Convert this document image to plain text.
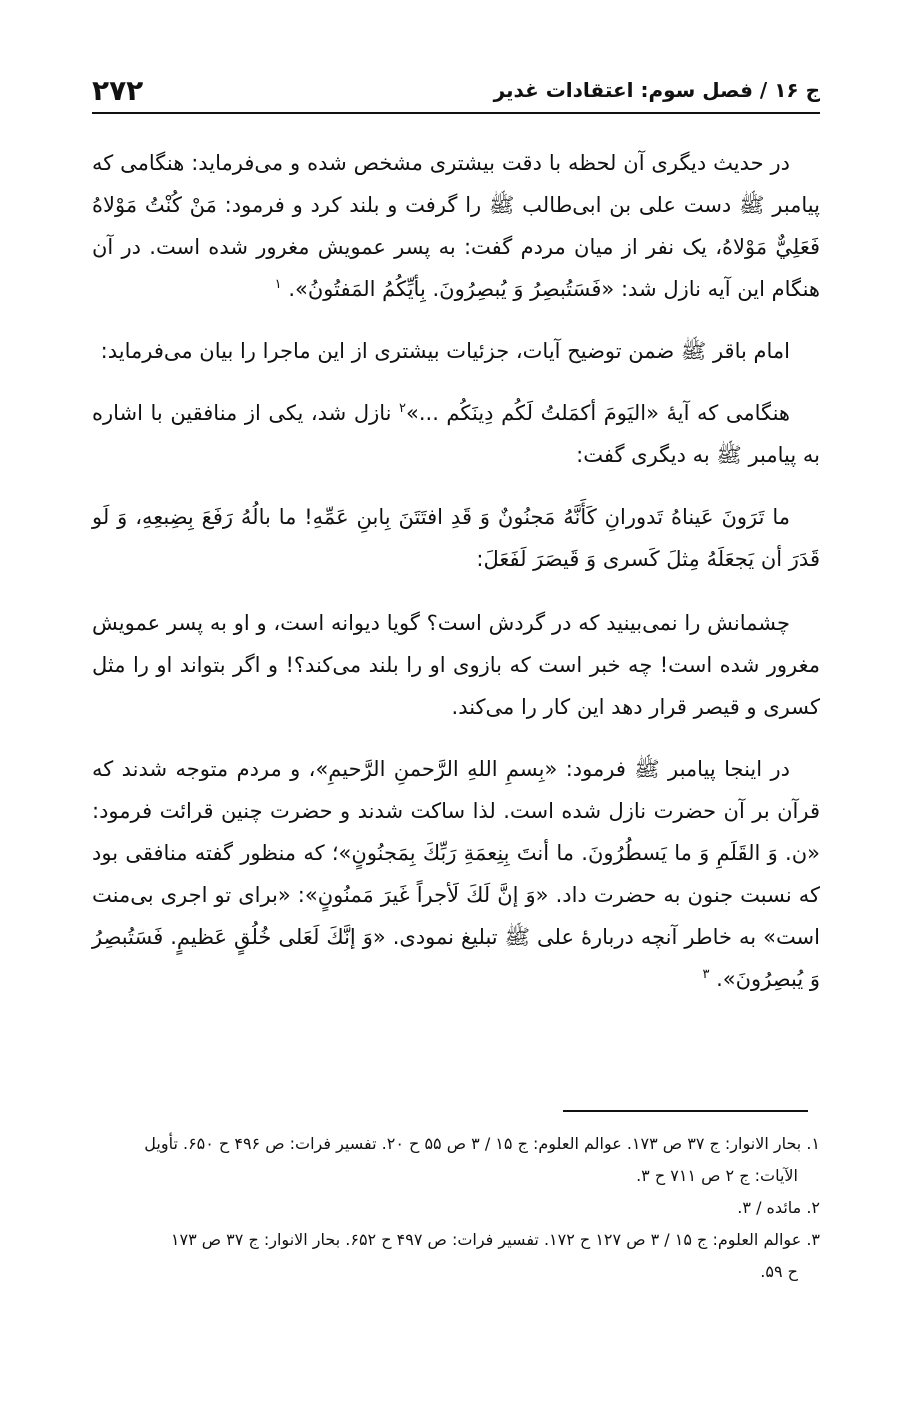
ج ۱۶ / فصل سوم: اعتقادات غدیر
۲۷۲

در حدیث دیگری آن لحظه با دقت بیشتری مشخص شده و می‌فرماید: هنگامی که پیامبر ﷺ دست علی بن ابی‌طالب ﷺ را گرفت و بلند کرد و فرمود: مَنْ كُنْتُ مَوْلاهُ فَعَلِيٌّ مَوْلاهُ، یک نفر از میان مردم گفت: به پسر عمویش مغرور شده است. در آن هنگام این آیه نازل شد: «فَسَتُبصِرُ وَ يُبصِرُونَ. بِأيِّكُمُ المَفتُونُ». $^۱$

امام باقر ﷺ ضمن توضیح آیات، جزئیات بیشتری از این ماجرا را بیان می‌فرماید:

هنگامی که آیهٔ «اليَومَ أكمَلتُ لَكُم دِينَكُم ...»$^۲$ نازل شد، یکی از منافقین با اشاره به پیامبر ﷺ به دیگری گفت:

ما تَرَونَ عَيناهُ تَدورانِ كَأَنَّهُ مَجنُونٌ وَ قَدِ افتَتَنَ بِابنِ عَمِّهِ! ما بالُهُ رَفَعَ بِضِبعِهِ، وَ لَو قَدَرَ أن يَجعَلَهُ مِثلَ كَسرى وَ قَيصَرَ لَفَعَلَ:

چشمانش را نمی‌بینید که در گردش است؟ گویا دیوانه است، و او به پسر عمویش مغرور شده است! چه خبر است که بازوی او را بلند می‌کند؟! و اگر بتواند او را مثل کسری و قیصر قرار دهد این کار را می‌کند.

در اینجا پیامبر ﷺ فرمود: «بِسمِ اللهِ الرَّحمنِ الرَّحيمِ»، و مردم متوجه شدند که قرآن بر آن حضرت نازل شده است. لذا ساکت شدند و حضرت چنین قرائت فرمود: «ن. وَ القَلَمِ وَ ما يَسطُرُونَ. ما أنتَ بِنِعمَةِ رَبِّكَ بِمَجنُونٍ»؛ که منظور گفته منافقی بود که نسبت جنون به حضرت داد. «وَ إنَّ لَكَ لَأجراً غَيرَ مَمنُونٍ»: «برای تو اجری بی‌منت است» به خاطر آنچه دربارهٔ علی ﷺ تبلیغ نمودی. «وَ إنَّكَ لَعَلى خُلُقٍ عَظيمٍ. فَسَتُبصِرُ وَ يُبصِرُونَ». $^۳$

۱. بحار الانوار: ج ۳۷ ص ۱۷۳. عوالم العلوم: ج ۱۵ / ۳ ص ۵۵ ح ۲۰. تفسیر فرات: ص ۴۹۶ ح ۶۵۰. تأویل
الآیات: ج ۲ ص ۷۱۱ ح ۳.

۲. مائده / ۳.

۳. عوالم العلوم: ج ۱۵ / ۳ ص ۱۲۷ ح ۱۷۲. تفسیر فرات: ص ۴۹۷ ح ۶۵۲. بحار الانوار: ج ۳۷ ص ۱۷۳
ح ۵۹.
